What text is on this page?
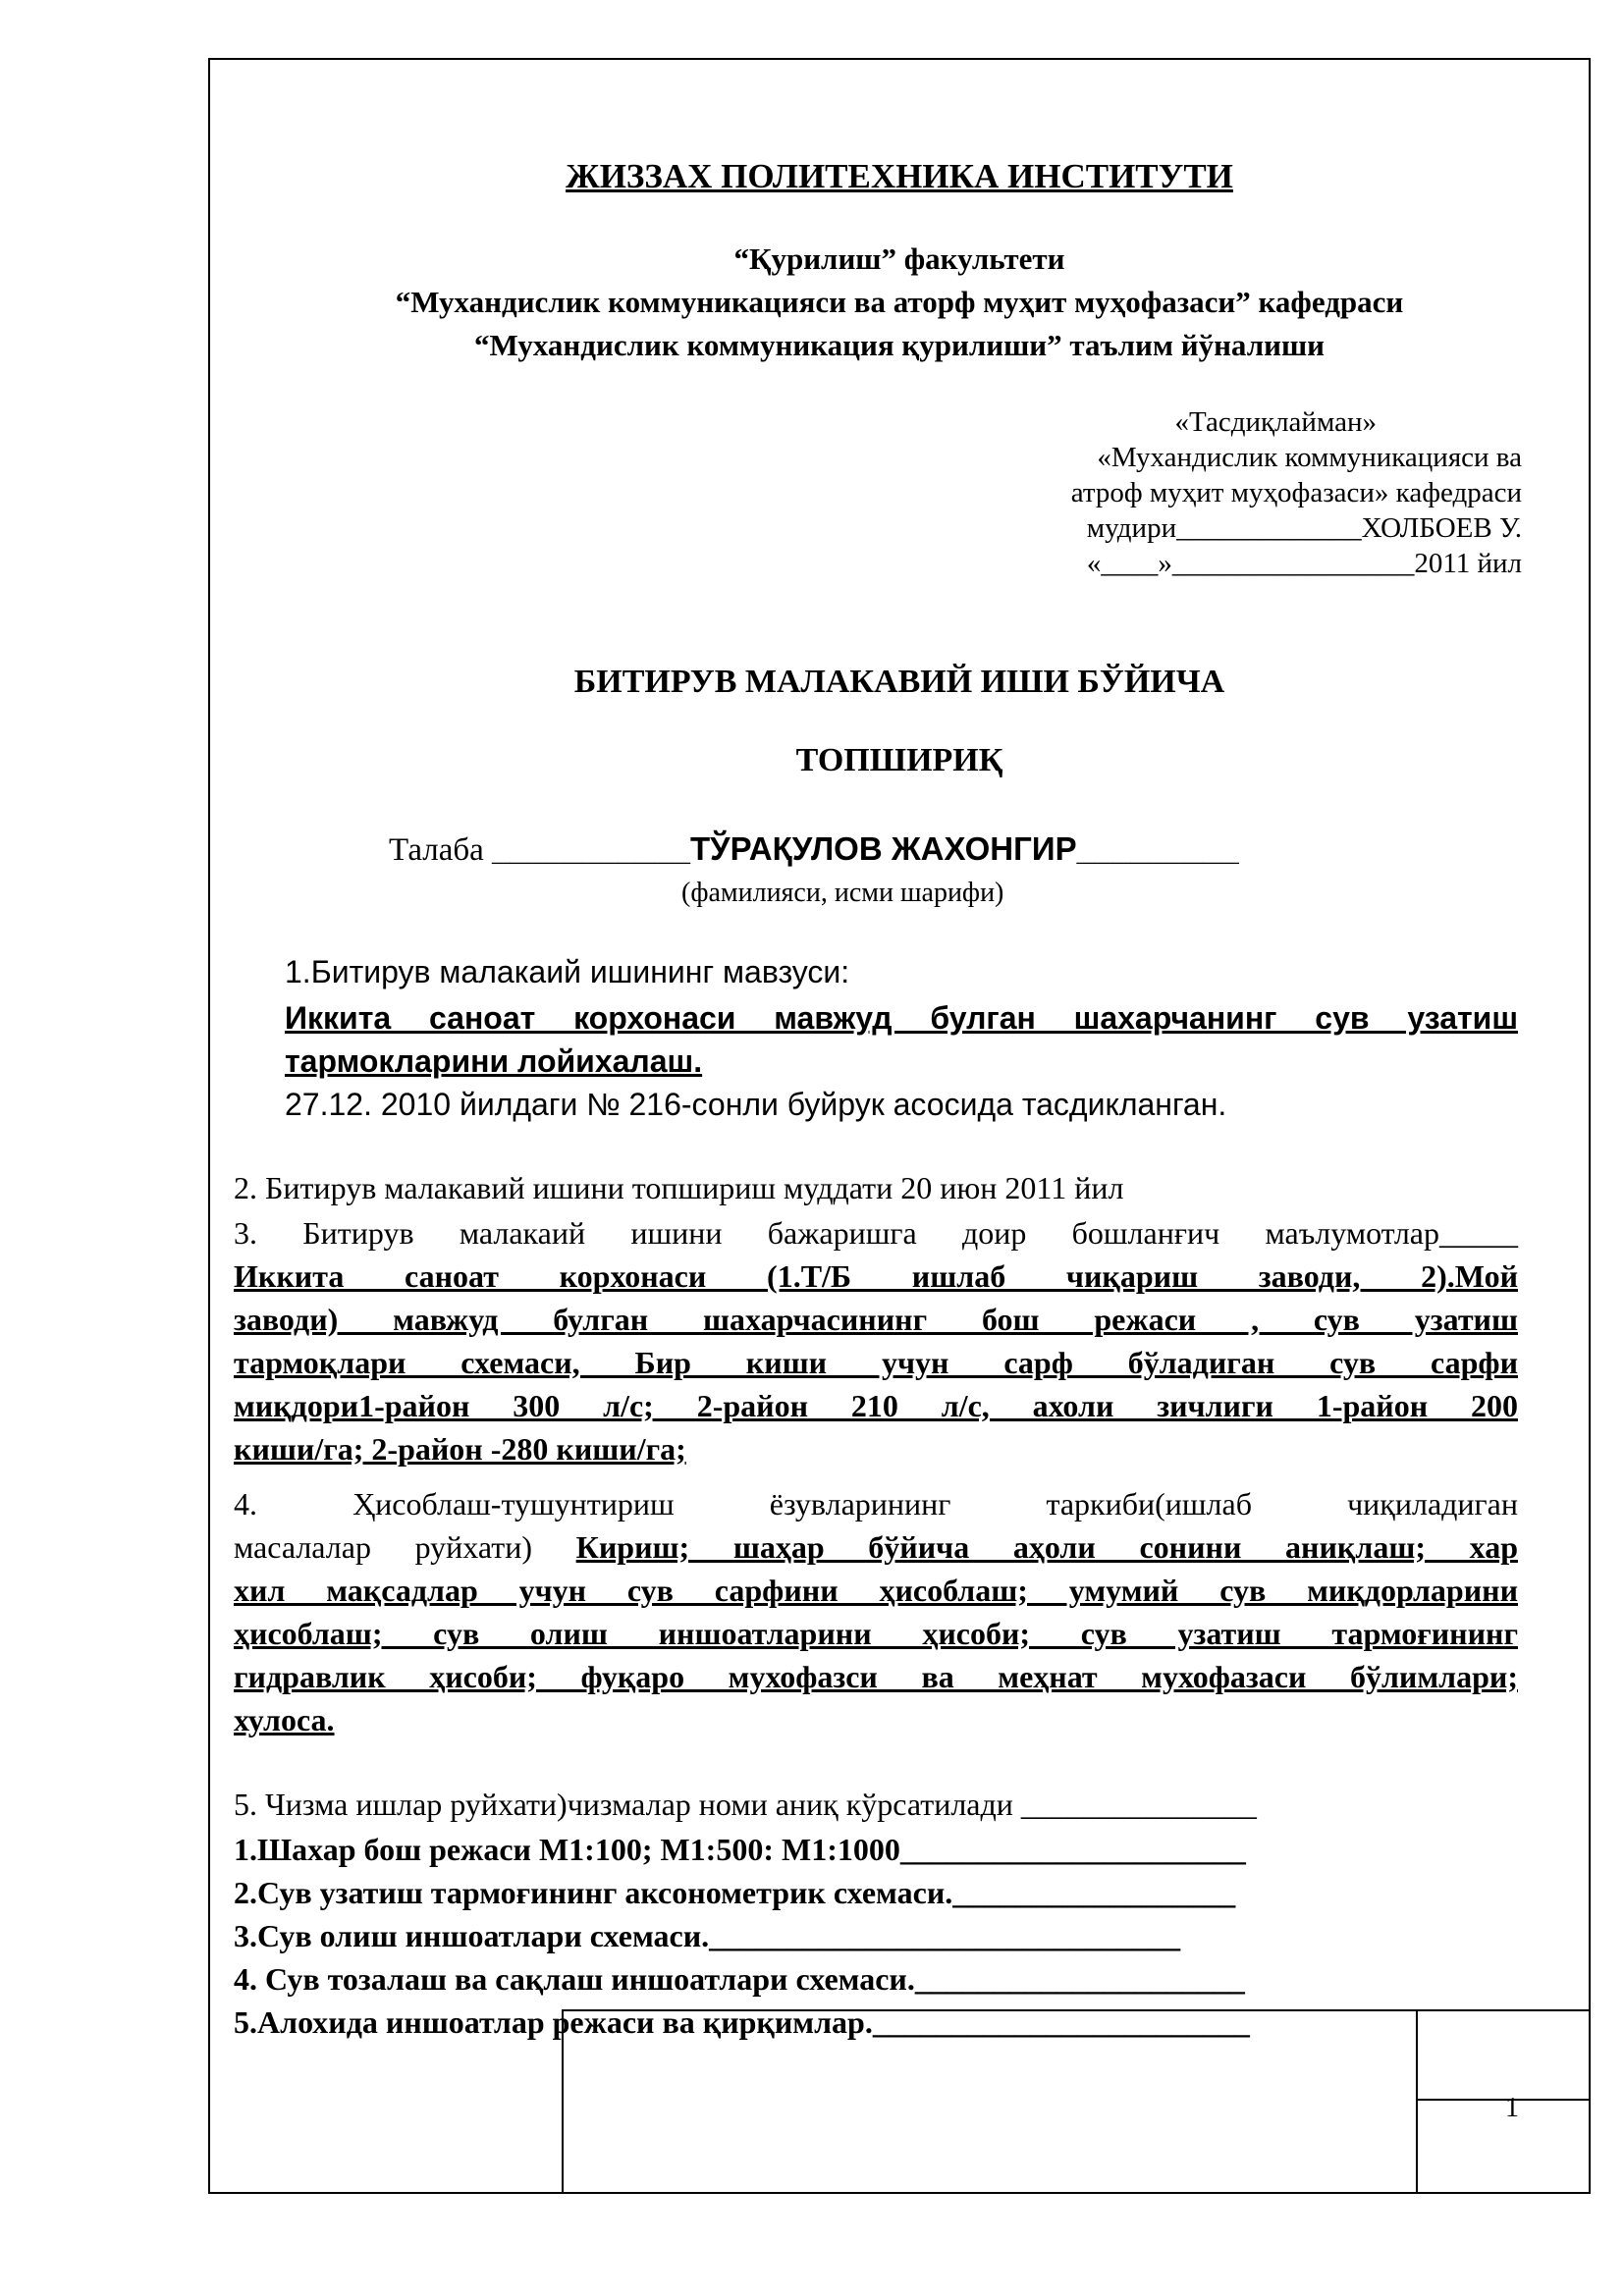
1
ЖИЗЗАХ ПОЛИТЕХНИКА ИНСТИТУТИ
“Қурилиш” факультети
“Мухандислик коммуникацияси ва аторф муҳит муҳофазаси” кафедраси
“Мухандислик коммуникация қурилиши” таълим йўналиши
«Тасдиқлайман»
«Мухандислик коммуникацияси ва
атроф муҳит муҳофазаси» кафедраси
мудири_____________ХОЛБОЕВ У.
«____»_________________2011 йил
БИТИРУВ МАЛАКАВИЙ ИШИ БЎЙИЧА
ТОПШИРИҚ
Талаба ___________ТЎРАҚУЛОВ ЖАХОНГИР_________
(фамилияси, исми шарифи)
1.Битирув малакаий ишининг мавзуси:
Иккита саноат корхонаси мавжуд булган шахарчанинг сув узатиш
тармокларини лойихалаш.
27.12. 2010 йилдаги № 216-сонли буйрук асосида тасдикланган.
2. Битирув малакавий ишини топшириш муддати 20 июн 2011 йил
3. Битирув малакаий ишини бажаришга доир бошланғич маълумотлар_____
Иккита саноат корхонаси (1.Т/Б ишлаб чиқариш заводи, 2).Мой
заводи) мавжуд булган шахарчасининг бош режаси , сув узатиш
тармоқлари схемаси, Бир киши учун сарф бўладиган сув сарфи
миқдори1-район 300 л/с; 2-район 210 л/с, ахоли зичлиги 1-район 200
киши/га; 2-район -280 киши/га;
4. Ҳисоблаш-тушунтириш ёзувларининг таркиби(ишлаб чиқиладиган
масалалар руйхати) Кириш; шаҳар бўйича аҳоли сонини аниқлаш; хар
хил мақсадлар учун сув сарфини ҳисоблаш; умумий сув миқдорларини
ҳисоблаш; сув олиш иншоатларини ҳисоби; сув узатиш тармоғининг
гидравлик ҳисоби; фуқаро мухофазси ва меҳнат мухофазаси бўлимлари;
хулоса.
5. Чизма ишлар руйхати)чизмалар номи аниқ кўрсатилади _______________
1.Шахар бош режаси М1:100; М1:500: М1:1000______________________
2.Сув узатиш тармоғининг аксонометрик схемаси.__________________
3.Сув олиш иншоатлари схемаси.______________________________
4. Сув тозалаш ва сақлаш иншоатлари схемаси._____________________
5.Алохида иншоатлар режаси ва қирқимлар.________________________
